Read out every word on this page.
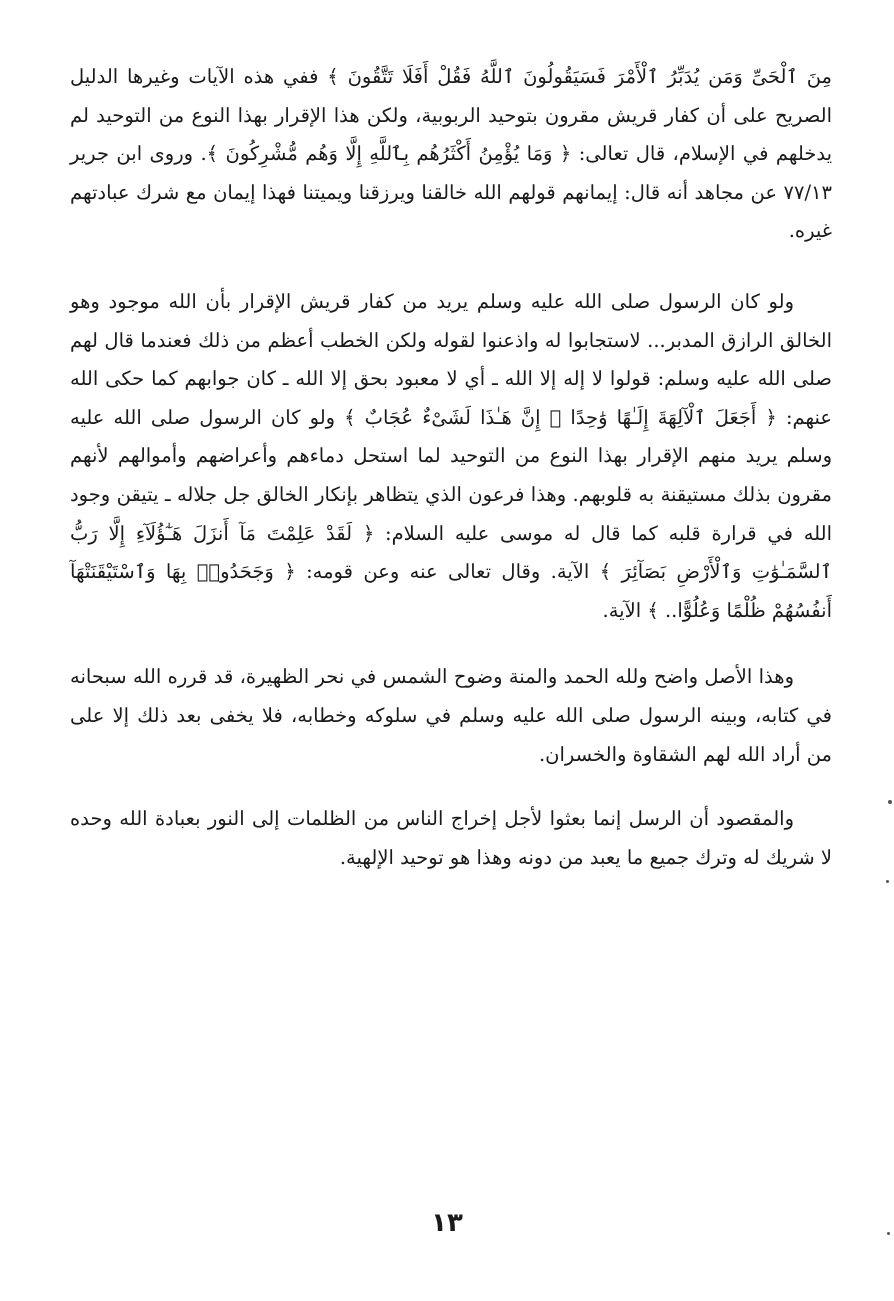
مِنَ ٱلْحَىِّ وَمَن يُدَبِّرُ ٱلْأَمْرَ فَسَيَقُولُونَ ٱللَّهُ فَقُلْ أَفَلَا تَتَّقُونَ ﴾ ففي هذه الآيات وغيرها الدليل الصريح على أن كفار قريش مقرون بتوحيد الربوبية، ولكن هذا الإقرار بهذا النوع من التوحيد لم يدخلهم في الإسلام، قال تعالى: ﴿ وَمَا يُؤْمِنُ أَكْثَرُهُم بِٱللَّهِ إِلَّا وَهُم مُّشْرِكُونَ ﴾. وروى ابن جرير ٧٧/١٣ عن مجاهد أنه قال: إيمانهم قولهم الله خالقنا ويرزقنا ويميتنا فهذا إيمان مع شرك عبادتهم غيره.

ولو كان الرسول صلى الله عليه وسلم يريد من كفار قريش الإقرار بأن الله موجود وهو الخالق الرازق المدبر... لاستجابوا له واذعنوا لقوله ولكن الخطب أعظم من ذلك فعندما قال لهم صلى الله عليه وسلم: قولوا لا إله إلا الله ـ أي لا معبود بحق إلا الله ـ كان جوابهم كما حكى الله عنهم: ﴿ أَجَعَلَ ٱلْآلِهَةَ إِلَـٰهًا وَٰحِدًا ۖ إِنَّ هَـٰذَا لَشَىْءٌ عُجَابٌ ﴾ ولو كان الرسول صلى الله عليه وسلم يريد منهم الإقرار بهذا النوع من التوحيد لما استحل دماءهم وأعراضهم وأموالهم لأنهم مقرون بذلك مستيقنة به قلوبهم. وهذا فرعون الذي يتظاهر بإنكار الخالق جل جلاله ـ يتيقن وجود الله في قرارة قلبه كما قال له موسى عليه السلام: ﴿ لَقَدْ عَلِمْتَ مَآ أَنزَلَ هَـٰٓؤُلَآءِ إِلَّا رَبُّ ٱلسَّمَـٰوَٰتِ وَٱلْأَرْضِ بَصَآئِرَ ﴾ الآية. وقال تعالى عنه وعن قومه: ﴿ وَجَحَدُوا۟ بِهَا وَٱسْتَيْقَنَتْهَآ أَنفُسُهُمْ ظُلْمًا وَعُلُوًّا.. ﴾ الآية.

وهذا الأصل واضح ولله الحمد والمنة وضوح الشمس في نحر الظهيرة، قد قرره الله سبحانه في كتابه، وبينه الرسول صلى الله عليه وسلم في سلوكه وخطابه، فلا يخفى بعد ذلك إلا على من أراد الله لهم الشقاوة والخسران.

والمقصود أن الرسل إنما بعثوا لأجل إخراج الناس من الظلمات إلى النور بعبادة الله وحده لا شريك له وترك جميع ما يعبد من دونه وهذا هو توحيد الإلهية.

١٣
